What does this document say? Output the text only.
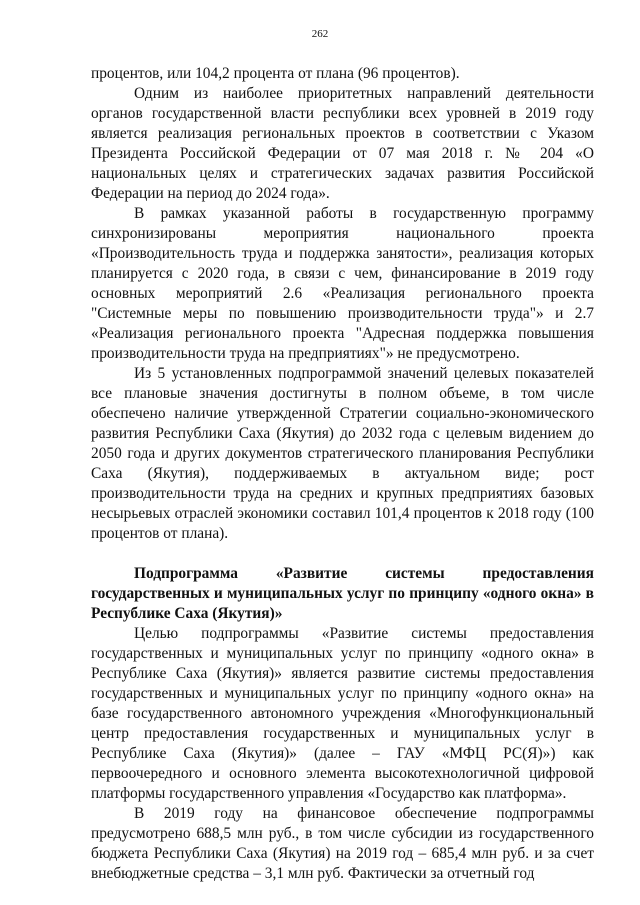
262

процентов, или 104,2 процента от плана (96 процентов).

Одним из наиболее приоритетных направлений деятельности органов государственной власти республики всех уровней в 2019 году является реализация региональных проектов в соответствии с Указом Президента Российской Федерации от 07 мая 2018 г. № 204 «О национальных целях и стратегических задачах развития Российской Федерации на период до 2024 года».

В рамках указанной работы в государственную программу синхронизированы мероприятия национального проекта «Производительность труда и поддержка занятости», реализация которых планируется с 2020 года, в связи с чем, финансирование в 2019 году основных мероприятий 2.6 «Реализация регионального проекта "Системные меры по повышению производительности труда"» и 2.7 «Реализация регионального проекта "Адресная поддержка повышения производительности труда на предприятиях"» не предусмотрено.

Из 5 установленных подпрограммой значений целевых показателей все плановые значения достигнуты в полном объеме, в том числе обеспечено наличие утвержденной Стратегии социально-экономического развития Республики Саха (Якутия) до 2032 года с целевым видением до 2050 года и других документов стратегического планирования Республики Саха (Якутия), поддерживаемых в актуальном виде; рост производительности труда на средних и крупных предприятиях базовых несырьевых отраслей экономики составил 101,4 процентов к 2018 году (100 процентов от плана).

Подпрограмма «Развитие системы предоставления государственных и муниципальных услуг по принципу «одного окна» в Республике Саха (Якутия)»

Целью подпрограммы «Развитие системы предоставления государственных и муниципальных услуг по принципу «одного окна» в Республике Саха (Якутия)» является развитие системы предоставления государственных и муниципальных услуг по принципу «одного окна» на базе государственного автономного учреждения «Многофункциональный центр предоставления государственных и муниципальных услуг в Республике Саха (Якутия)» (далее – ГАУ «МФЦ РС(Я)») как первоочередного и основного элемента высокотехнологичной цифровой платформы государственного управления «Государство как платформа».

В 2019 году на финансовое обеспечение подпрограммы предусмотрено 688,5 млн руб., в том числе субсидии из государственного бюджета Республики Саха (Якутия) на 2019 год – 685,4 млн руб. и за счет внебюджетные средства – 3,1 млн руб. Фактически за отчетный год
